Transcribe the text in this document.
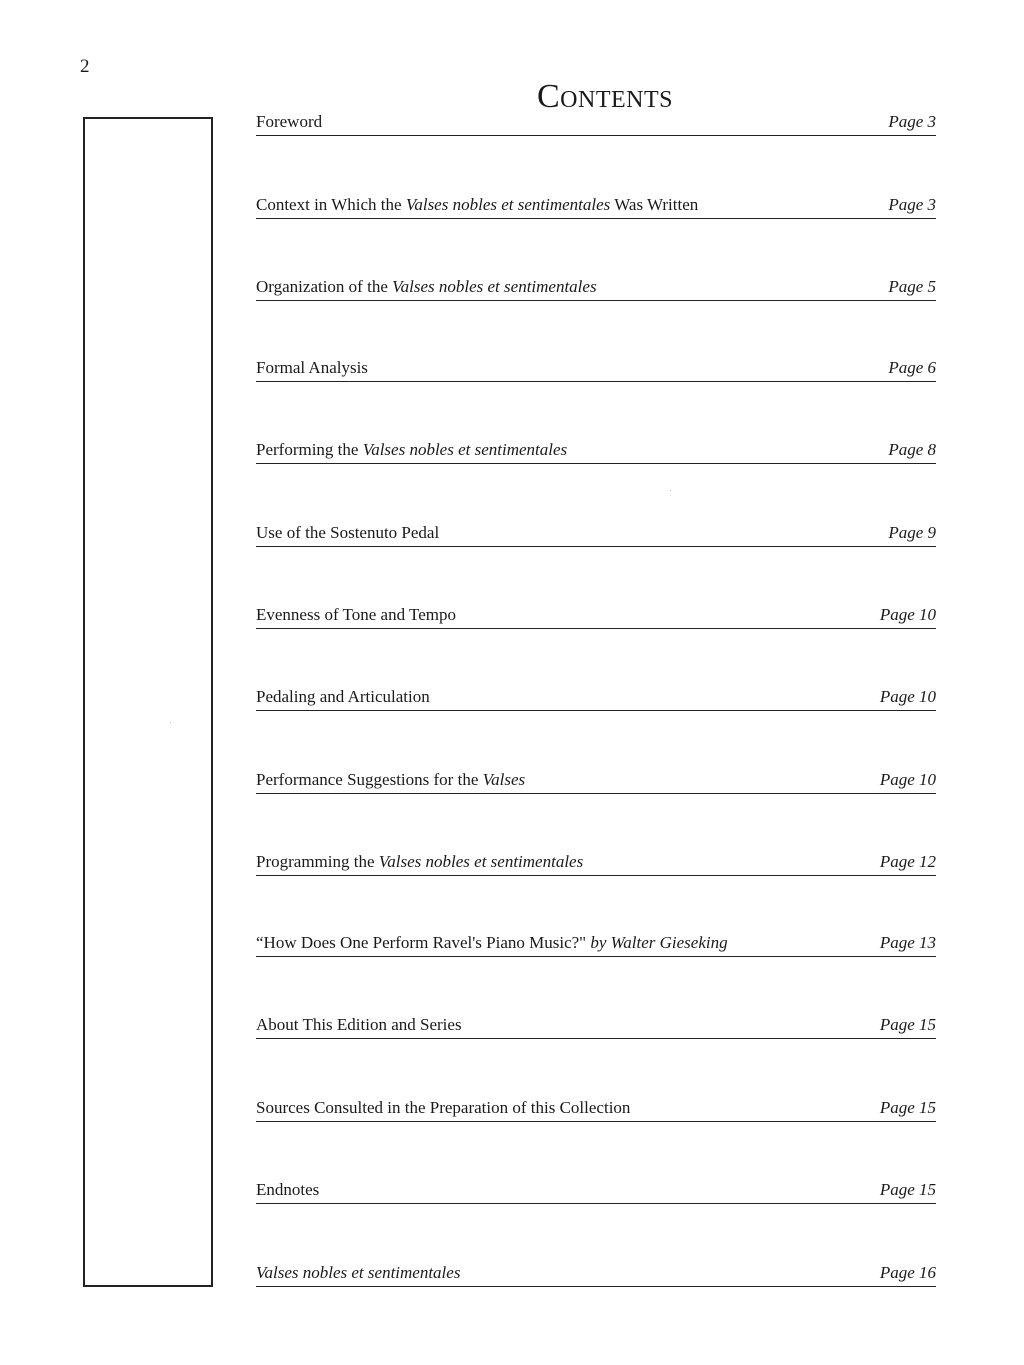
2
Contents
Foreword	Page 3
Context in Which the Valses nobles et sentimentales Was Written	Page 3
Organization of the Valses nobles et sentimentales	Page 5
Formal Analysis	Page 6
Performing the Valses nobles et sentimentales	Page 8
Use of the Sostenuto Pedal	Page 9
Evenness of Tone and Tempo	Page 10
Pedaling and Articulation	Page 10
Performance Suggestions for the Valses	Page 10
Programming the Valses nobles et sentimentales	Page 12
“How Does One Perform Ravel's Piano Music?" by Walter Gieseking	Page 13
About This Edition and Series	Page 15
Sources Consulted in the Preparation of this Collection	Page 15
Endnotes	Page 15
Valses nobles et sentimentales	Page 16
